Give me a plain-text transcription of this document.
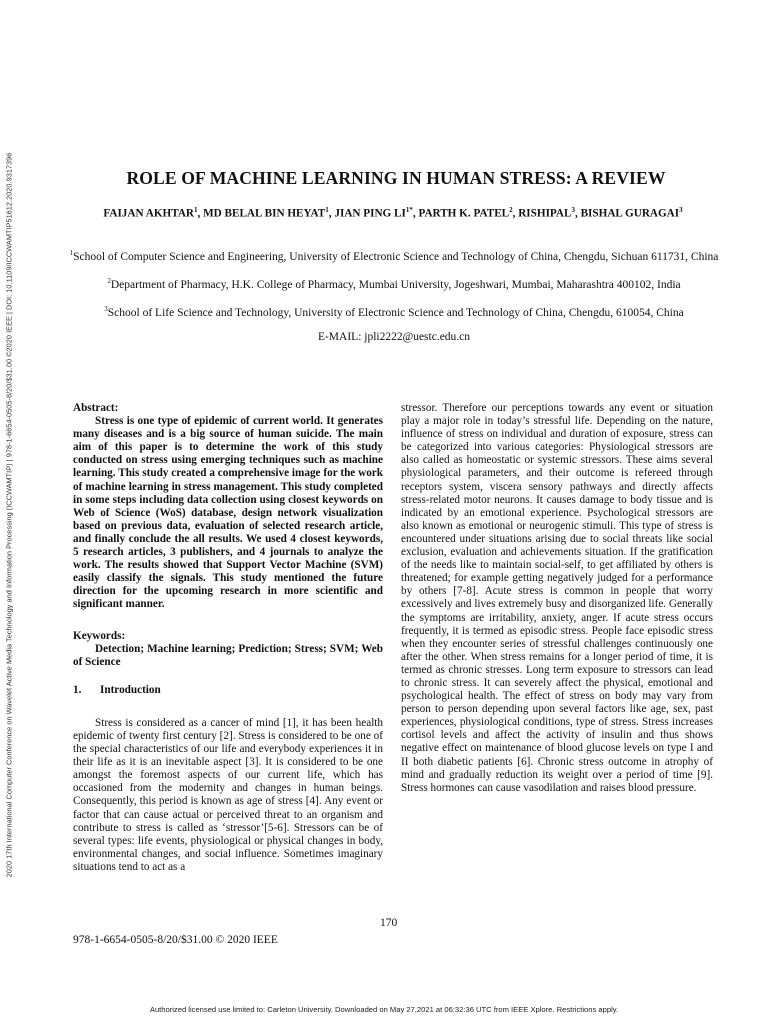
2020 17th International Computer Conference on Wavelet Active Media Technology and Information Processing (ICCWAMTIP) | 978-1-6654-0505-8/20/$31.00 ©2020 IEEE | DOI: 10.1109/ICCWAMTIP51612.2020.9317396	ROLE OF MACHINE LEARNING IN HUMAN STRESS: A REVIEW
FAIJAN AKHTAR$^1$, MD BELAL BIN HEYAT$^1$, JIAN PING $LI^{1*}$, PARTH K. PATEL$^2$, RISHIPAL$^3$, BISHAL GURAGAI$^3$
$^1$School of Computer Science and Engineering, University of Electronic Science and Technology of China, Chengdu, Sichuan 611731, China
$^2$Department of Pharmacy, H.K. College of Pharmacy, Mumbai University, Jogeshwari, Mumbai, Maharashtra 400102, India
$^3$School of Life Science and Technology, University of Electronic Science and Technology of China, Chengdu, 610054, China
E-MAIL: jpli2222@uestc.edu.cn
Abstract:

Stress is one type of epidemic of current world. It generates many diseases and is a big source of human suicide. The main aim of this paper is to determine the work of this study conducted on stress using emerging techniques such as machine learning. This study created a comprehensive image for the work of machine learning in stress management. This study completed in some steps including data collection using closest keywords on Web of Science (WoS) database, design network visualization based on previous data, evaluation of selected research article, and finally conclude the all results. We used 4 closest keywords, 5 research articles, 3 publishers, and 4 journals to analyze the work. The results showed that Support Vector Machine (SVM) easily classify the signals. This study mentioned the future direction for the upcoming research in more scientific and significant manner.

Keywords:

Detection; Machine learning; Prediction; Stress; SVM; Web of Science

1. Introduction

Stress is considered as a cancer of mind [1], it has been health epidemic of twenty first century [2]. Stress is considered to be one of the special characteristics of our life and everybody experiences it in their life as it is an inevitable aspect [3]. It is considered to be one amongst the foremost aspects of our current life, which has occasioned from the modernity and changes in human beings. Consequently, this period is known as age of stress [4]. Any event or factor that can cause actual or perceived threat to an organism and contribute to stress is called as ‘stressor’[5-6]. Stressors can be of several types: life events, physiological or physical changes in body, environmental changes, and social influence. Sometimes imaginary situations tend to act as a

stressor. Therefore our perceptions towards any event or situation play a major role in today’s stressful life. Depending on the nature, influence of stress on individual and duration of exposure, stress can be categorized into various categories: Physiological stressors are also called as homeostatic or systemic stressors. These aims several physiological parameters, and their outcome is refereed through receptors system, viscera sensory pathways and directly affects stress-related motor neurons. It causes damage to body tissue and is indicated by an emotional experience. Psychological stressors are also known as emotional or neurogenic stimuli. This type of stress is encountered under situations arising due to social threats like social exclusion, evaluation and achievements situation. If the gratification of the needs like to maintain social-self, to get affiliated by others is threatened; for example getting negatively judged for a performance by others [7-8]. Acute stress is common in people that worry excessively and lives extremely busy and disorganized life. Generally the symptoms are irritability, anxiety, anger. If acute stress occurs frequently, it is termed as episodic stress. People face episodic stress when they encounter series of stressful challenges continuously one after the other. When stress remains for a longer period of time, it is termed as chronic stresses. Long term exposure to stressors can lead to chronic stress. It can severely affect the physical, emotional and psychological health. The effect of stress on body may vary from person to person depending upon several factors like age, sex, past experiences, physiological conditions, type of stress. Stress increases cortisol levels and affect the activity of insulin and thus shows negative effect on maintenance of blood glucose levels on type I and II both diabetic patients [6]. Chronic stress outcome in atrophy of mind and gradually reduction its weight over a period of time [9]. Stress hormones can cause vasodilation and raises blood pressure.

170
978-1-6654-0505-8/20/$31.00 © 2020 IEEE
Authorized licensed use limited to: Carleton University. Downloaded on May 27,2021 at 06:32:36 UTC from IEEE Xplore. Restrictions apply.
